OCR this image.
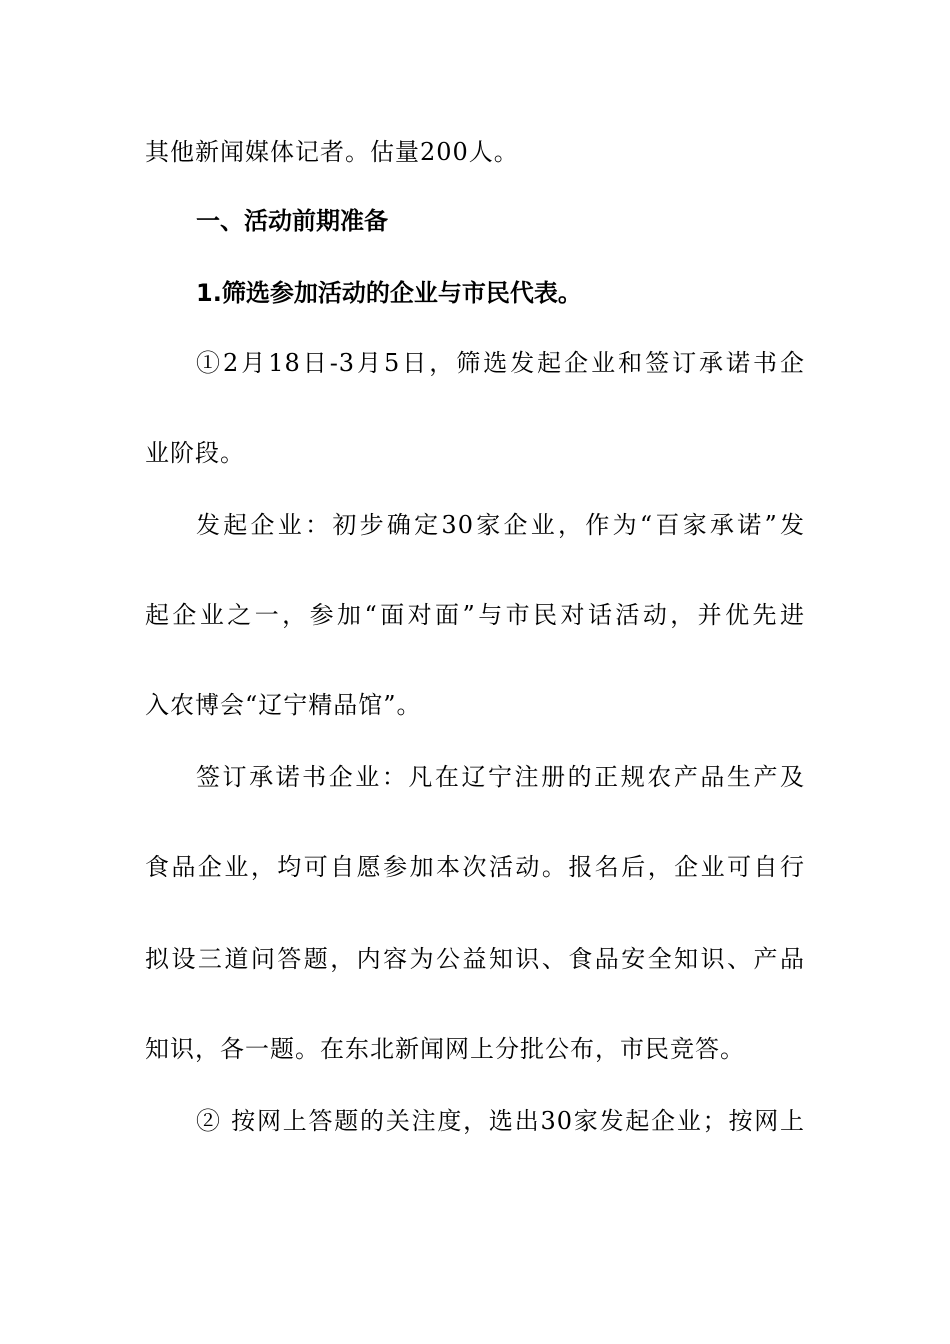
其他新闻媒体记者。估量200人。
一、活动前期准备
1.筛选参加活动的企业与市民代表。
①2月18日-3月5日，筛选发起企业和签订承诺书企
业阶段。
发起企业：初步确定30家企业，作为“百家承诺”发
起企业之一，参加“面对面”与市民对话活动，并优先进
入农博会“辽宁精品馆”。
签订承诺书企业：凡在辽宁注册的正规农产品生产及
食品企业，均可自愿参加本次活动。报名后，企业可自行
拟设三道问答题，内容为公益知识、食品安全知识、产品
知识，各一题。在东北新闻网上分批公布，市民竞答。
② 按网上答题的关注度，选出30家发起企业；按网上
